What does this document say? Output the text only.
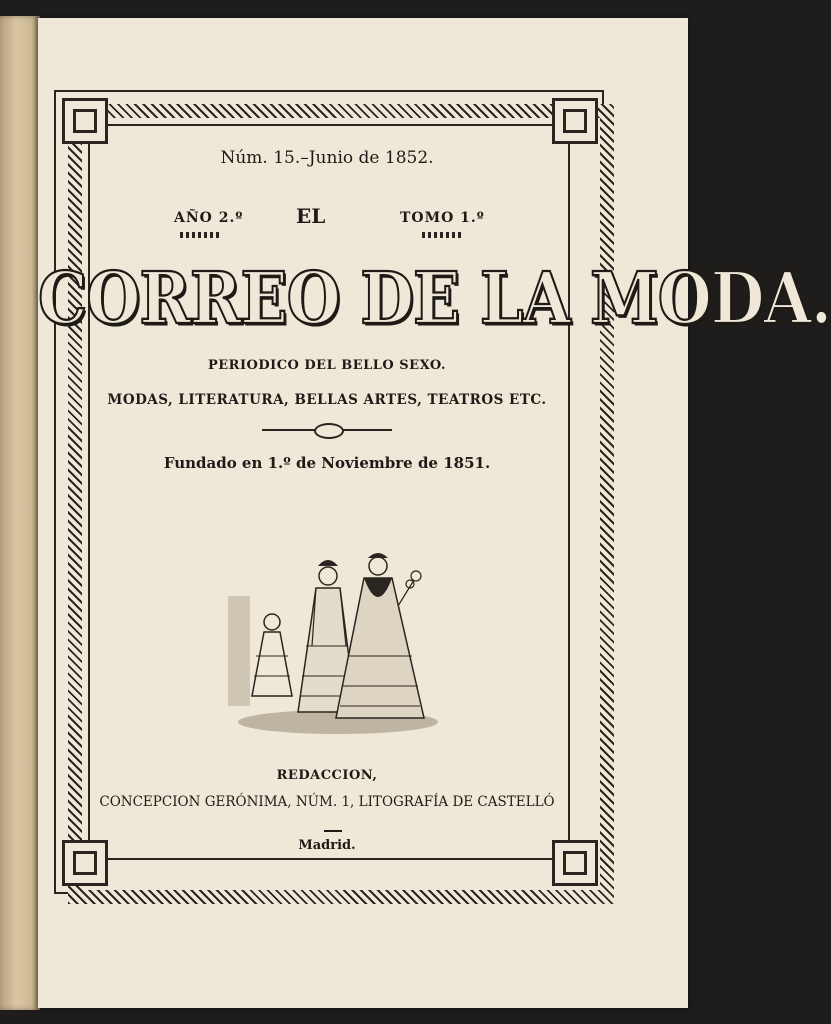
Núm. 15.–Junio de 1852.
AÑO 2.º	EL	TOMO 1.º
CORREO DE LA MODA.
PERIODICO DEL BELLO SEXO.
MODAS, LITERATURA, BELLAS ARTES, TEATROS ETC.
Fundado en 1.º de Noviembre de 1851.
REDACCION,
CONCEPCION GERÓNIMA, NÚM. 1, LITOGRAFÍA DE CASTELLÓ
Madrid.
